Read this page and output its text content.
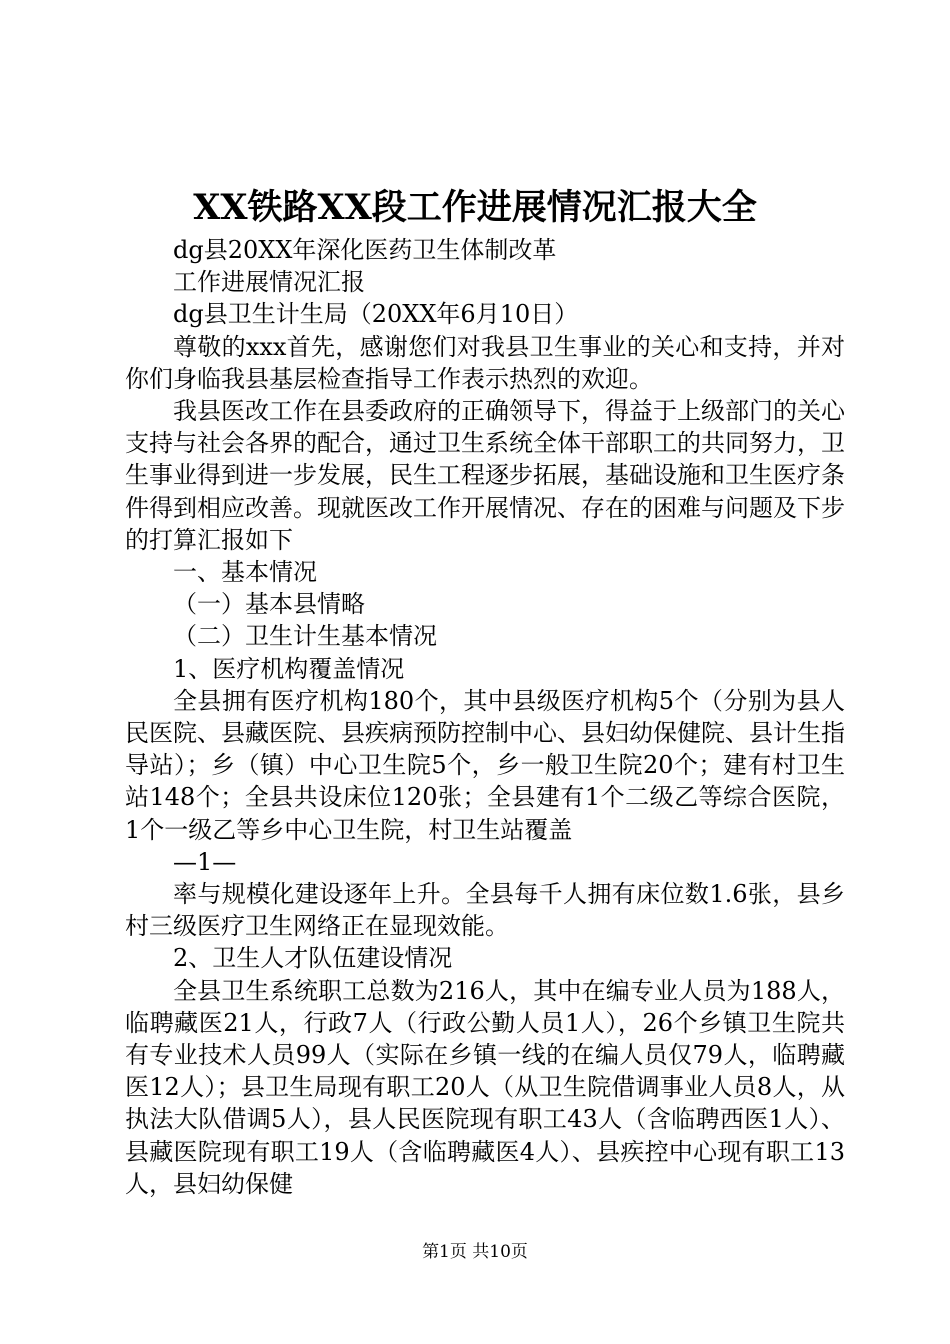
XX铁路XX段工作进展情况汇报大全

dg县20XX年深化医药卫生体制改革

工作进展情况汇报

dg县卫生计生局（20XX年6月10日）

尊敬的xxx首先，感谢您们对我县卫生事业的关心和支持，并对你们身临我县基层检查指导工作表示热烈的欢迎。

我县医改工作在县委政府的正确领导下，得益于上级部门的关心支持与社会各界的配合，通过卫生系统全体干部职工的共同努力，卫生事业得到进一步发展，民生工程逐步拓展，基础设施和卫生医疗条件得到相应改善。现就医改工作开展情况、存在的困难与问题及下步的打算汇报如下

一、基本情况

（一）基本县情略

（二）卫生计生基本情况

1、医疗机构覆盖情况

全县拥有医疗机构180个，其中县级医疗机构5个（分别为县人民医院、县藏医院、县疾病预防控制中心、县妇幼保健院、县计生指导站）；乡（镇）中心卫生院5个，乡一般卫生院20个；建有村卫生站148个；全县共设床位120张；全县建有1个二级乙等综合医院，1个一级乙等乡中心卫生院，村卫生站覆盖

—1—

率与规模化建设逐年上升。全县每千人拥有床位数1.6张，县乡村三级医疗卫生网络正在显现效能。

2、卫生人才队伍建设情况

全县卫生系统职工总数为216人，其中在编专业人员为188人，临聘藏医21人，行政7人（行政公勤人员1人），26个乡镇卫生院共有专业技术人员99人（实际在乡镇一线的在编人员仅79人，临聘藏医12人）；县卫生局现有职工20人（从卫生院借调事业人员8人，从执法大队借调5人），县人民医院现有职工43人（含临聘西医1人）、县藏医院现有职工19人（含临聘藏医4人）、县疾控中心现有职工13人，县妇幼保健

第1页 共10页
